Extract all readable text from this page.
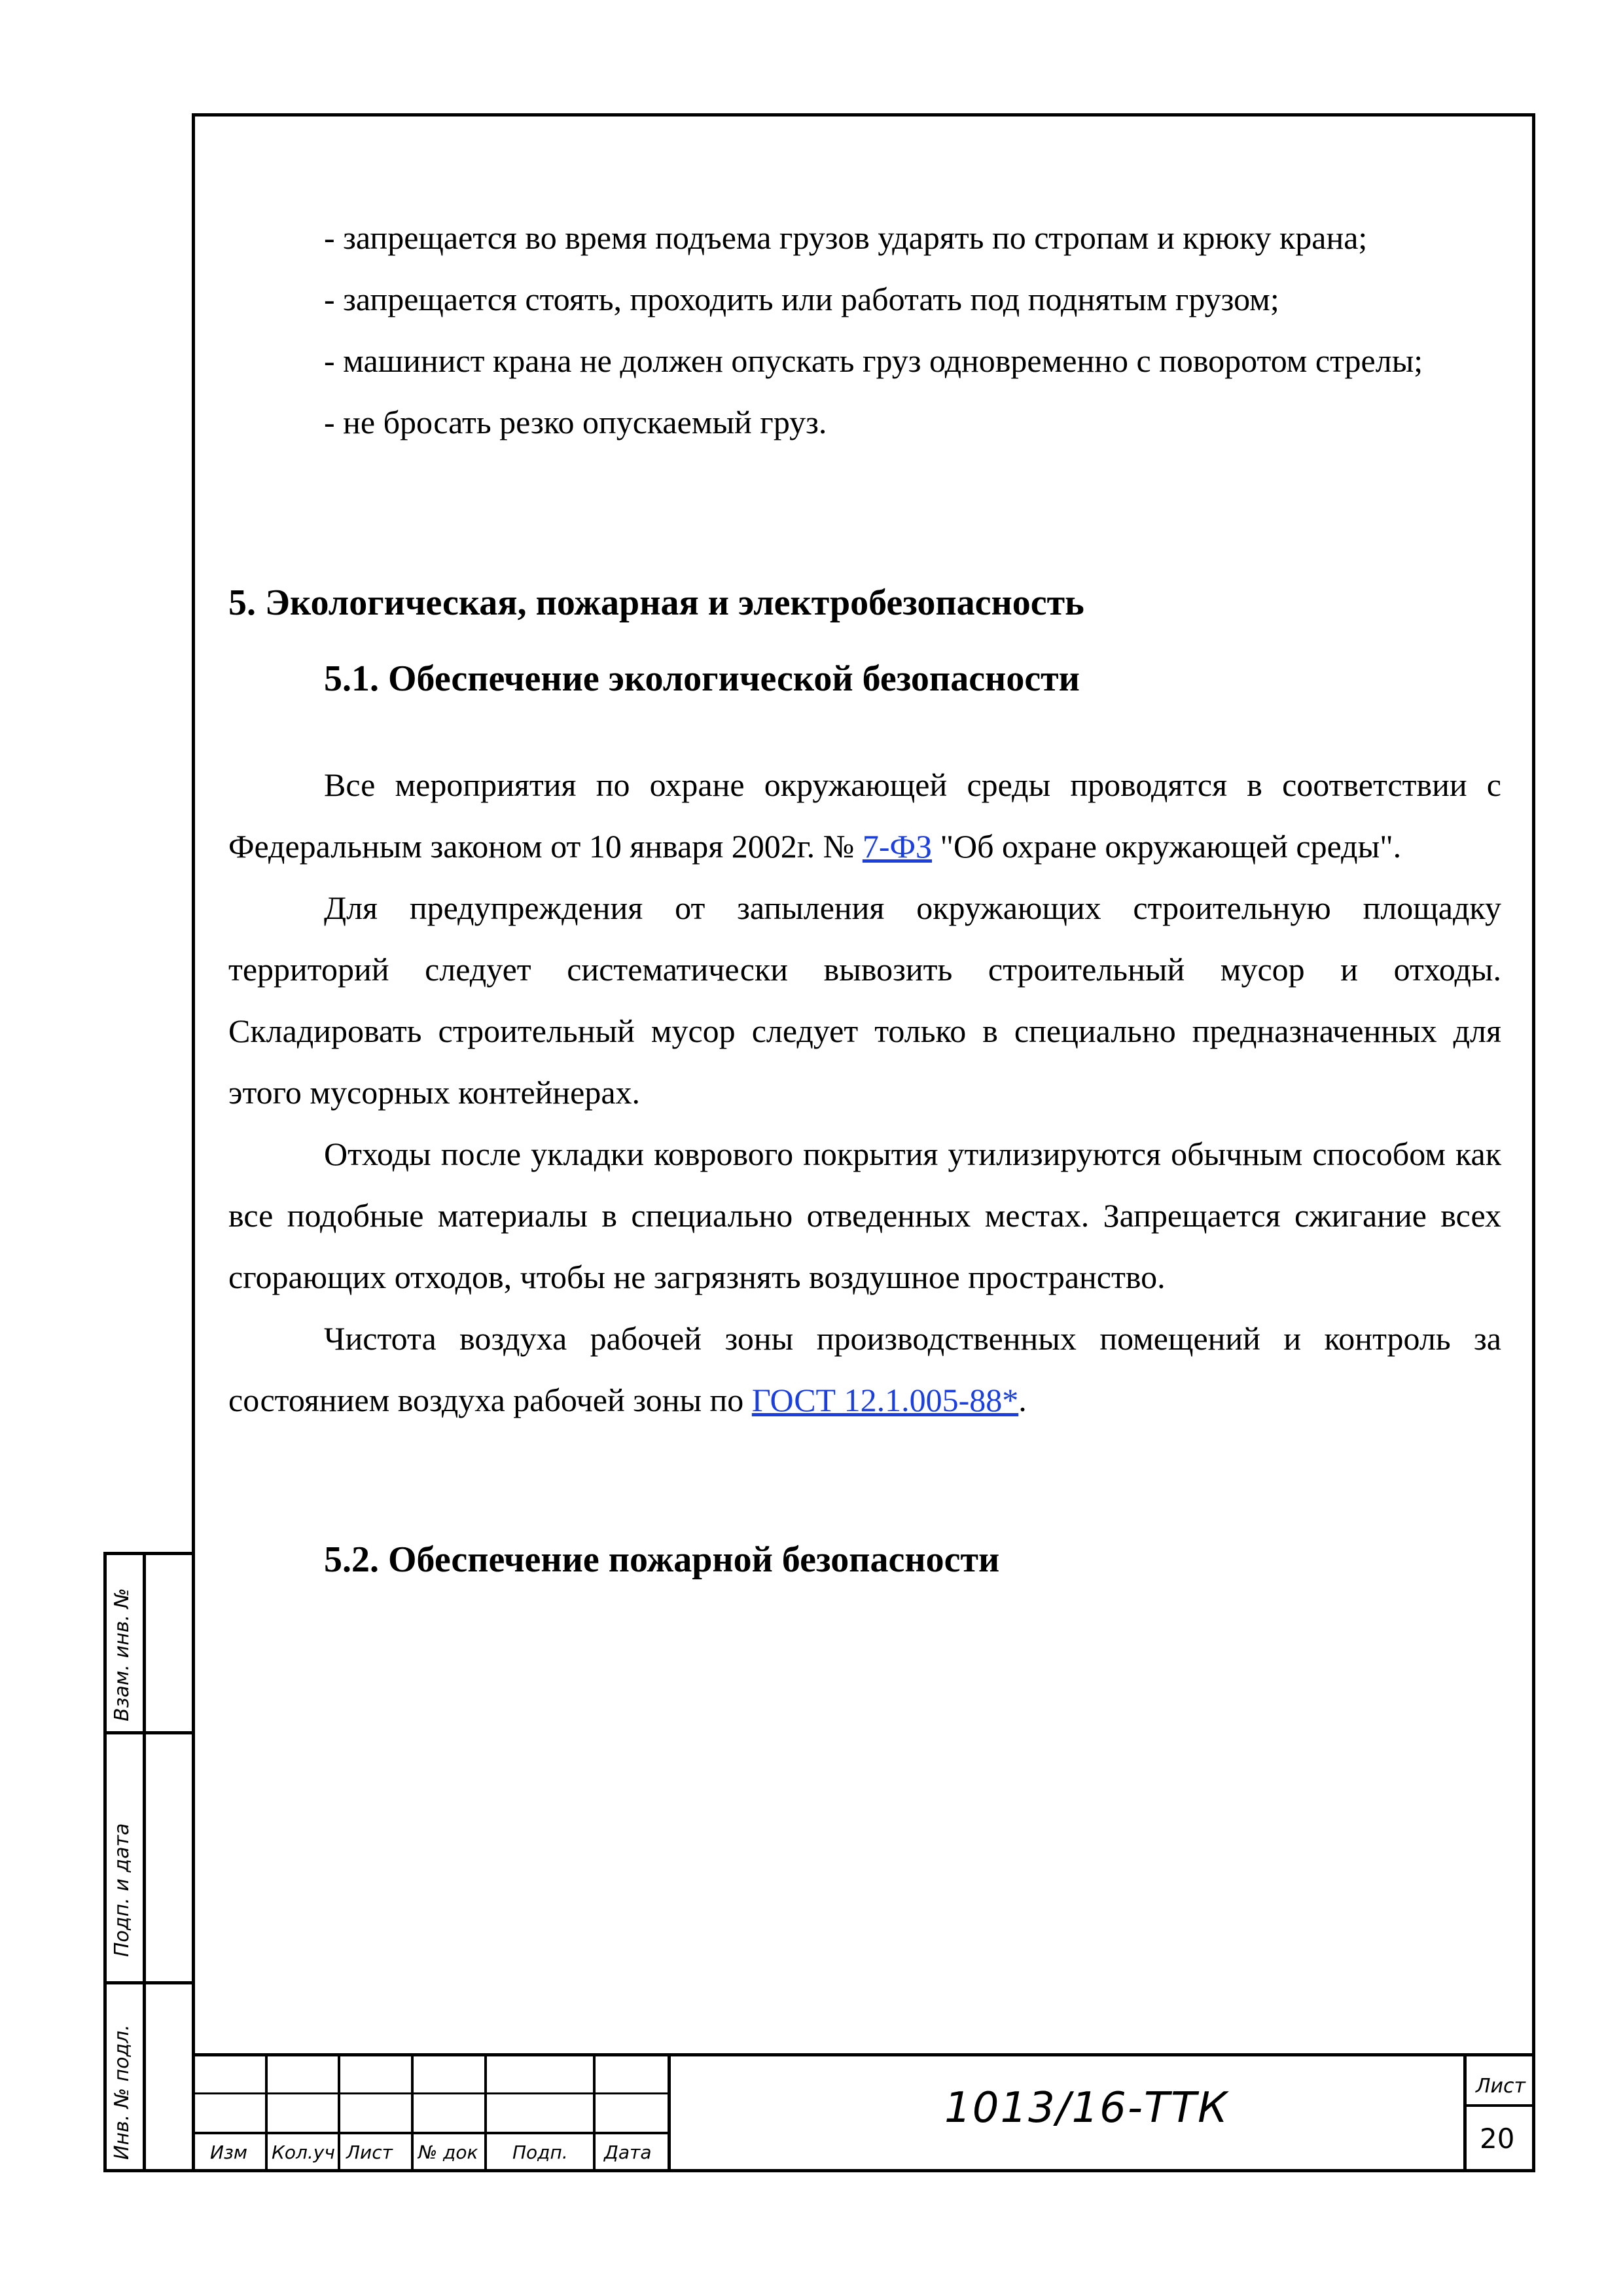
- запрещается во время подъема грузов ударять по стропам и крюку крана;

- запрещается стоять, проходить или работать под поднятым грузом;

- машинист крана не должен опускать груз одновременно с поворотом стрелы;

- не бросать резко опускаемый груз.

5. Экологическая, пожарная и электробезопасность

5.1. Обеспечение экологической безопасности

Все мероприятия по охране окружающей среды проводятся в соответствии с Федеральным законом от 10 января 2002г. № 7-ФЗ "Об охране окружающей среды".

Для предупреждения от запыления окружающих строительную площадку территорий следует систематически вывозить строительный мусор и отходы. Складировать строительный мусор следует только в специально предназначенных для этого мусорных контейнерах.

Отходы после укладки коврового покрытия утилизируются обычным способом как все подобные материалы в специально отведенных местах. Запрещается сжигание всех сгорающих отходов, чтобы не загрязнять воздушное пространство.

Чистота воздуха рабочей зоны производственных помещений и контроль за состоянием воздуха рабочей зоны по ГОСТ 12.1.005-88*.

5.2. Обеспечение пожарной безопасности

Взам. инв. №
Подп. и дата
Инв. № подл.	Изм Кол.уч Лист № док Подп. Дата
1013/16-ТТК	Лист
20
